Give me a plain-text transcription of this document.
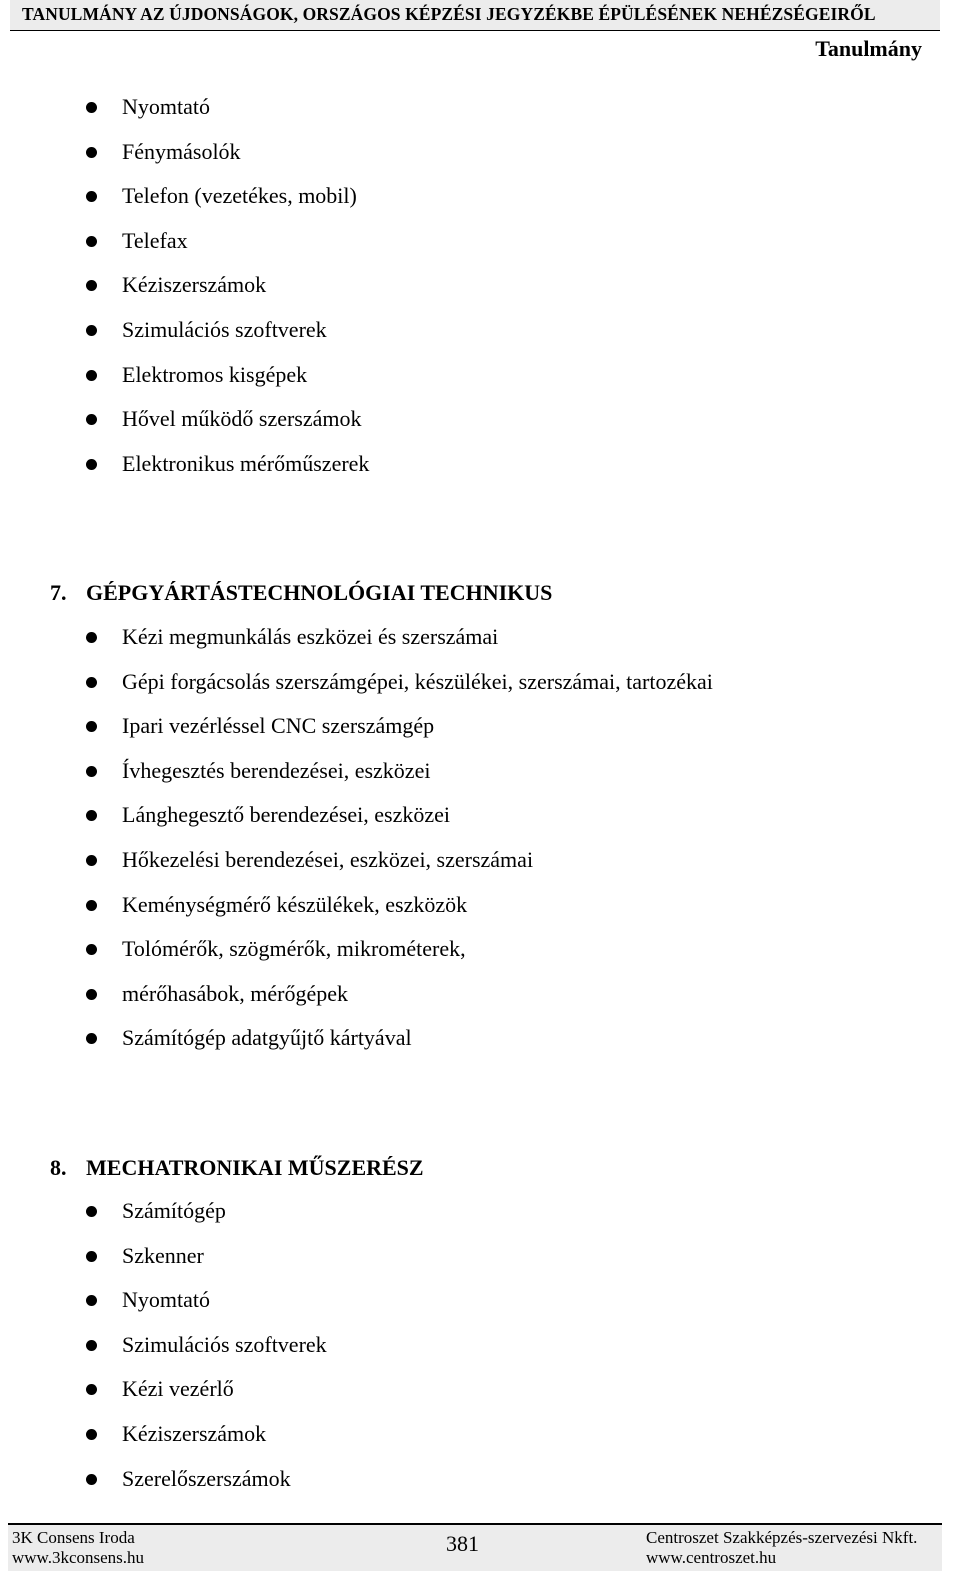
TANULMÁNY AZ ÚJDONSÁGOK, ORSZÁGOS KÉPZÉSI JEGYZÉKBE ÉPÜLÉSÉNEK NEHÉZSÉGEIRŐL
Tanulmány
Nyomtató
Fénymásolók
Telefon (vezetékes, mobil)
Telefax
Kéziszerszámok
Szimulációs szoftverek
Elektromos kisgépek
Hővel működő szerszámok
Elektronikus mérőműszerek
7. GÉPGYÁRTÁSTECHNOLÓGIAI TECHNIKUS
Kézi megmunkálás eszközei és szerszámai
Gépi forgácsolás szerszámgépei, készülékei, szerszámai, tartozékai
Ipari vezérléssel CNC szerszámgép
Ívhegesztés berendezései, eszközei
Lánghegesztő berendezései, eszközei
Hőkezelési berendezései, eszközei, szerszámai
Keménységmérő készülékek, eszközök
Tolómérők, szögmérők, mikrométerek,
mérőhasábok, mérőgépek
Számítógép adatgyűjtő kártyával
8. MECHATRONIKAI MŰSZERÉSZ
Számítógép
Szkenner
Nyomtató
Szimulációs szoftverek
Kézi vezérlő
Kéziszerszámok
Szerelőszerszámok
3K Consens Iroda
www.3kconsens.hu
381	Centroszet Szakképzés-szervezési Nkft.
www.centroszet.hu
